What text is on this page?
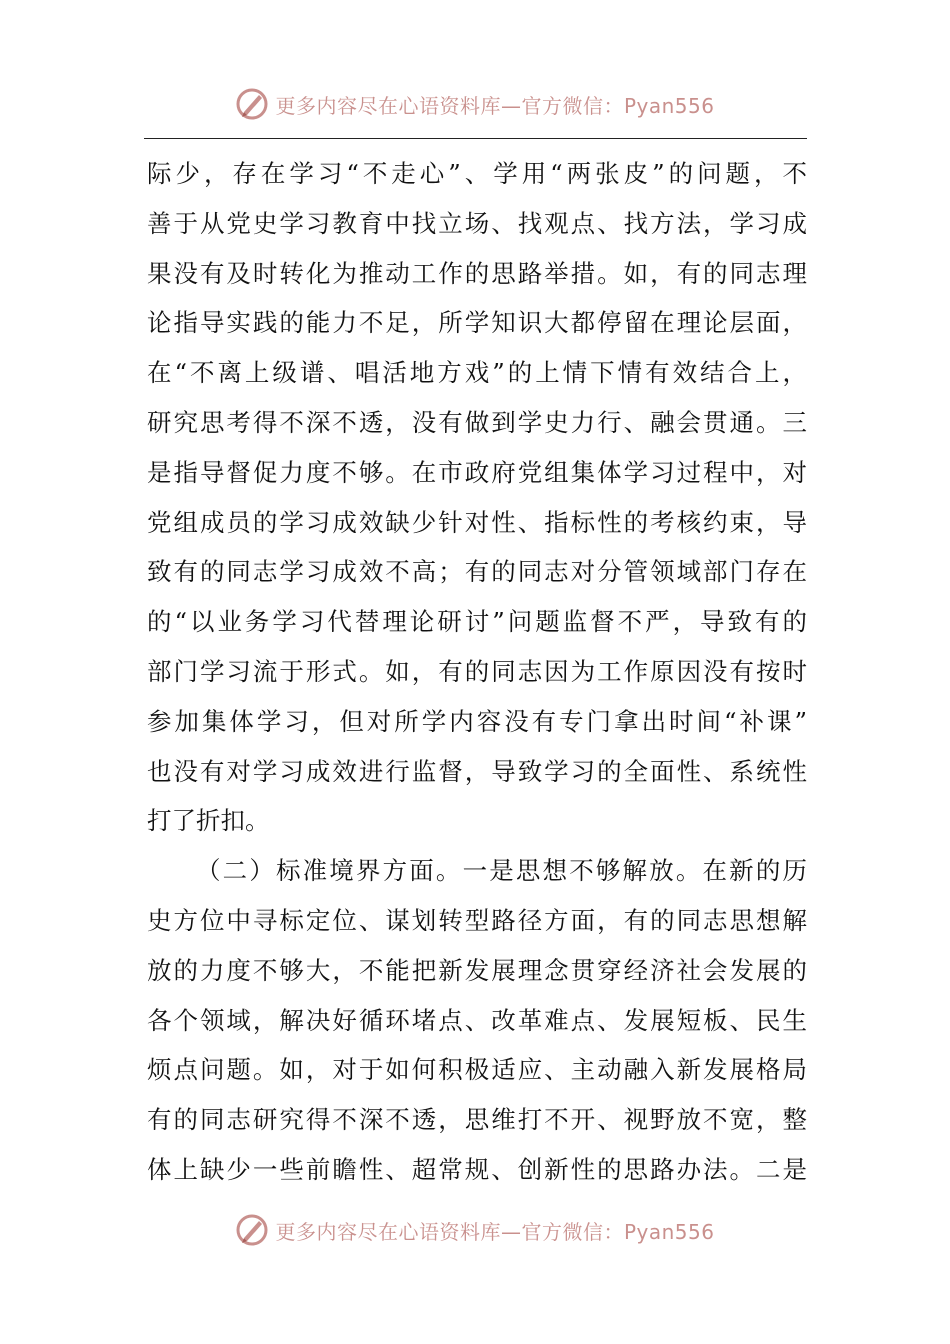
更多内容尽在心语资料库—官方微信：Pyan556
际少，存在学习“不走心”、学用“两张皮”的问题，不
善于从党史学习教育中找立场、找观点、找方法，学习成
果没有及时转化为推动工作的思路举措。如，有的同志理
论指导实践的能力不足，所学知识大都停留在理论层面，
在“不离上级谱、唱活地方戏”的上情下情有效结合上，
研究思考得不深不透，没有做到学史力行、融会贯通。三
是指导督促力度不够。在市政府党组集体学习过程中，对
党组成员的学习成效缺少针对性、指标性的考核约束，导
致有的同志学习成效不高；有的同志对分管领域部门存在
的“以业务学习代替理论研讨”问题监督不严，导致有的
部门学习流于形式。如，有的同志因为工作原因没有按时
参加集体学习，但对所学内容没有专门拿出时间“补课”
也没有对学习成效进行监督，导致学习的全面性、系统性
打了折扣。
（二）标准境界方面。一是思想不够解放。在新的历
史方位中寻标定位、谋划转型路径方面，有的同志思想解
放的力度不够大，不能把新发展理念贯穿经济社会发展的
各个领域，解决好循环堵点、改革难点、发展短板、民生
烦点问题。如，对于如何积极适应、主动融入新发展格局
有的同志研究得不深不透，思维打不开、视野放不宽，整
体上缺少一些前瞻性、超常规、创新性的思路办法。二是
更多内容尽在心语资料库—官方微信：Pyan556
